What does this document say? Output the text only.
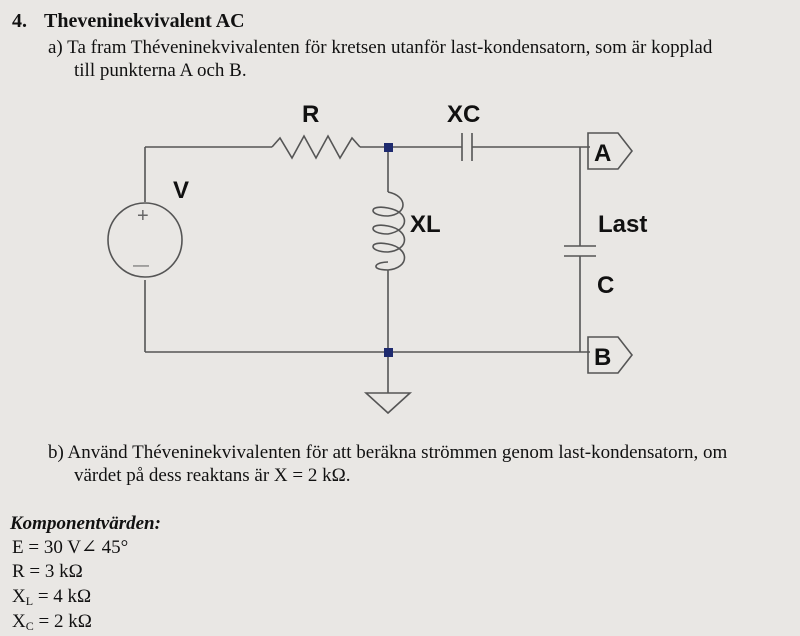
4. Theveninekvivalent AC
a) Ta fram Théveninekvivalenten för kretsen utanför last-kondensatorn, som är kopplad
till punkterna A och B.
+
—
R	XC
V
XL
A
Last
C
B
b) Använd Théveninekvivalenten för att beräkna strömmen genom last-kondensatorn, om
värdet på dess reaktans är X = 2 kΩ.
Komponentvärden:
E = 30 V∠ 45°
R = 3 kΩ
$X_L = 4$ kΩ
$X_C = 2$ kΩ
